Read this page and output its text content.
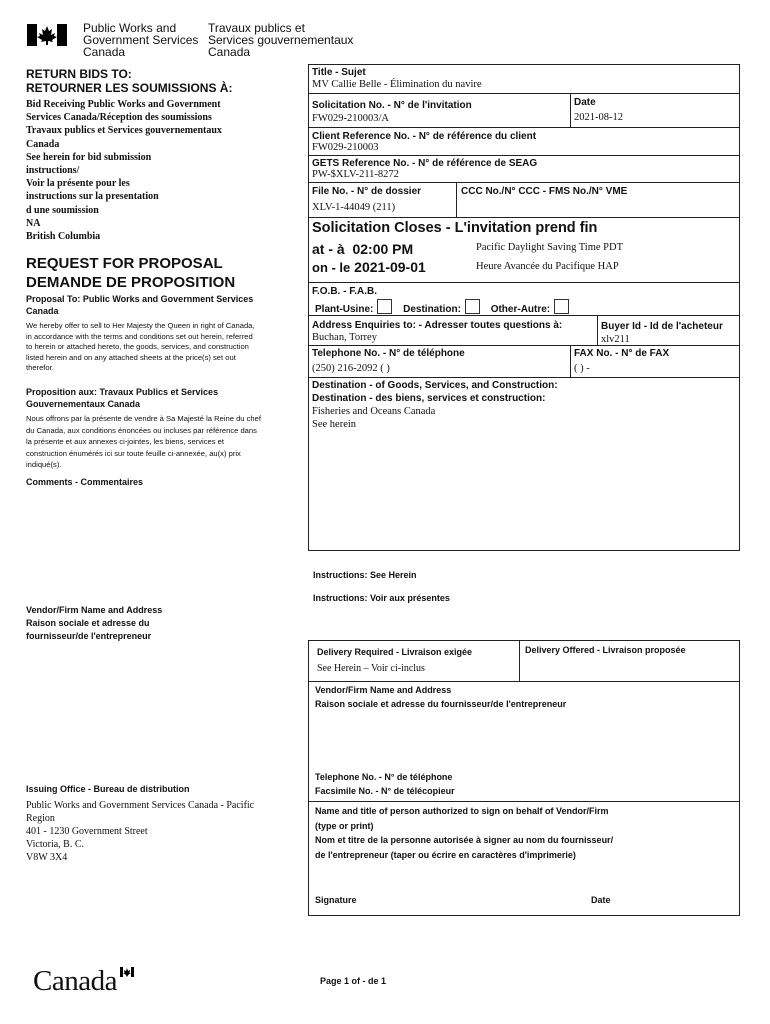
Public Works and
Government Services
Canada
Travaux publics et
Services gouvernementaux
Canada
RETURN BIDS TO:
RETOURNER LES SOUMISSIONS À:
Bid Receiving Public Works and Government
Services Canada/Réception des soumissions
Travaux publics et Services gouvernementaux
Canada
See herein for bid submission
instructions/
Voir la présente pour les
instructions sur la presentation
d une soumission
NA
British Columbia
REQUEST FOR PROPOSAL
DEMANDE DE PROPOSITION
Proposal To: Public Works and Government Services Canada
We hereby offer to sell to Her Majesty the Queen in right of Canada, in accordance with the terms and conditions set out herein, referred to herein or attached hereto, the goods, services, and construction listed herein and on any attached sheets at the price(s) set out therefor.
Proposition aux: Travaux Publics et Services Gouvernementaux Canada
Nous offrons par la présente de vendre à Sa Majesté la Reine du chef du Canada, aux conditions énoncées ou incluses par référence dans la présente et aux annexes ci-jointes, les biens, services et construction énumérés ici sur toute feuille ci-annexée, au(x) prix indiqué(s).
Comments - Commentaires
Vendor/Firm Name and Address
Raison sociale et adresse du
fournisseur/de l'entrepreneur
Issuing Office - Bureau de distribution
Public Works and Government Services Canada - Pacific
Region
401 - 1230 Government Street
Victoria, B. C.
V8W 3X4
Title - Sujet
MV Callie Belle - Élimination du navire
Solicitation No. - N° de l'invitation
FW029-210003/A
Date
2021-08-12
Client Reference No. - N° de référence du client
FW029-210003
GETS Reference No. - N° de référence de SEAG
PW-$XLV-211-8272
File No. - N° de dossier
XLV-1-44049 (211)
CCC No./N° CCC - FMS No./N° VME
Solicitation Closes - L'invitation prend fin
at - à 02:00 PM
on - le 2021-09-01
Pacific Daylight Saving Time PDT
Heure Avancée du Pacifique HAP
F.O.B. - F.A.B.
Plant-Usine:	Destination:	Other-Autre:
Address Enquiries to: - Adresser toutes questions à:
Buchan, Torrey
Buyer Id - Id de l'acheteur
xlv211
Telephone No. - N° de téléphone
(250) 216-2092 ( )
FAX No. - N° de FAX
( ) -
Destination - of Goods, Services, and Construction:
Destination - des biens, services et construction:
Fisheries and Oceans Canada
See herein
Instructions: See Herein
Instructions: Voir aux présentes
Delivery Required - Livraison exigée
See Herein – Voir ci-inclus
Delivery Offered - Livraison proposée
Vendor/Firm Name and Address
Raison sociale et adresse du fournisseur/de l'entrepreneur
Telephone No. - N° de téléphone
Facsimile No. - N° de télécopieur
Name and title of person authorized to sign on behalf of Vendor/Firm
(type or print)
Nom et titre de la personne autorisée à signer au nom du fournisseur/
de l'entrepreneur (taper ou écrire en caractères d'imprimerie)
Signature	Date
Canada	Page 1 of - de 1
